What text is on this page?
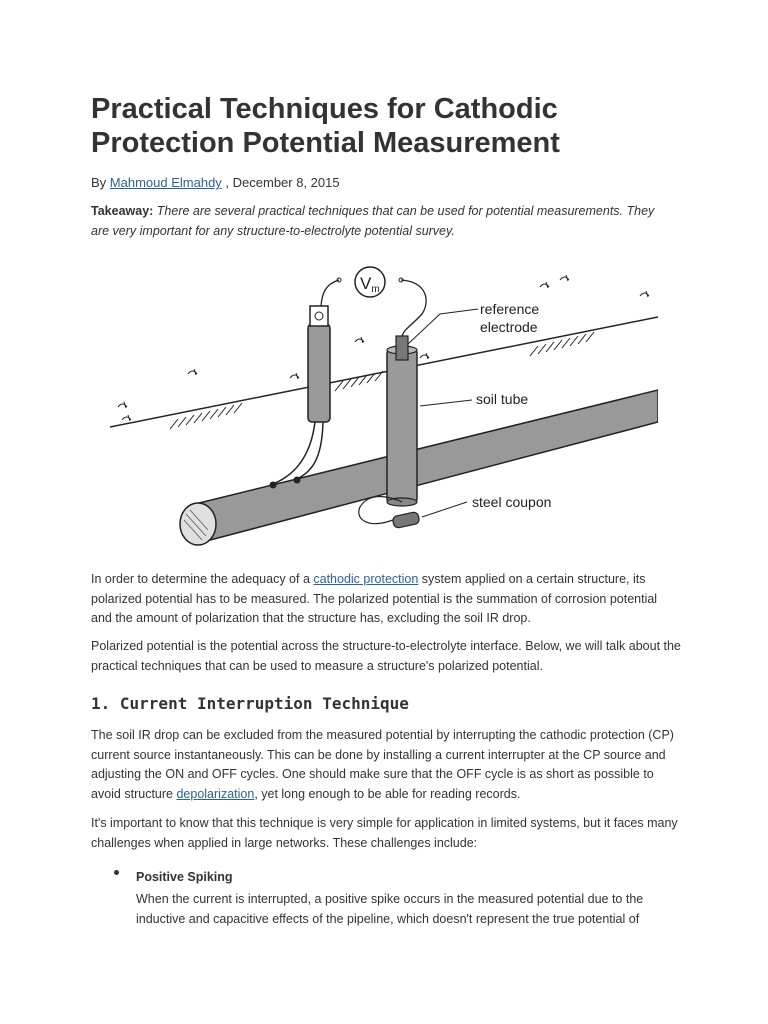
Practical Techniques for Cathodic Protection Potential Measurement
By Mahmoud Elmahdy , December 8, 2015
Takeaway: There are several practical techniques that can be used for potential measurements. They are very important for any structure-to-electrolyte potential survey.
Vm
reference
electrode
soil tube
steel coupon

In order to determine the adequacy of a cathodic protection system applied on a certain structure, its polarized potential has to be measured. The polarized potential is the summation of corrosion potential and the amount of polarization that the structure has, excluding the soil IR drop.

Polarized potential is the potential across the structure-to-electrolyte interface. Below, we will talk about the practical techniques that can be used to measure a structure's polarized potential.

1. Current Interruption Technique

The soil IR drop can be excluded from the measured potential by interrupting the cathodic protection (CP) current source instantaneously. This can be done by installing a current interrupter at the CP source and adjusting the ON and OFF cycles. One should make sure that the OFF cycle is as short as possible to avoid structure depolarization, yet long enough to be able for reading records.

It's important to know that this technique is very simple for application in limited systems, but it faces many challenges when applied in large networks. These challenges include:

Positive Spiking
When the current is interrupted, a positive spike occurs in the measured potential due to the inductive and capacitive effects of the pipeline, which doesn't represent the true potential of
